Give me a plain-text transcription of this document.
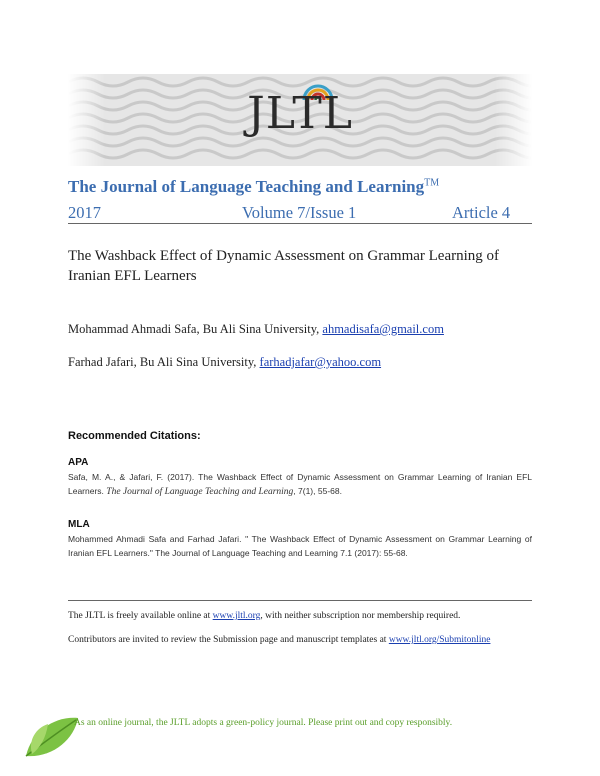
JLTL
The Journal of Language Teaching and Learning™
2017	Volume 7/Issue 1	Article 4
The Washback Effect of Dynamic Assessment on Grammar Learning of Iranian EFL Learners
Mohammad Ahmadi Safa, Bu Ali Sina University, ahmadisafa@gmail.com
Farhad Jafari, Bu Ali Sina University, farhadjafar@yahoo.com
Recommended Citations:
APA
Safa, M. A., & Jafari, F. (2017). The Washback Effect of Dynamic Assessment on Grammar Learning of Iranian EFL Learners. The Journal of Language Teaching and Learning, 7(1), 55-68.
MLA
Mohammed Ahmadi Safa and Farhad Jafari. " The Washback Effect of Dynamic Assessment on Grammar Learning of Iranian EFL Learners." The Journal of Language Teaching and Learning 7.1 (2017): 55-68.
The JLTL is freely available online at www.jltl.org, with neither subscription nor membership required.
Contributors are invited to review the Submission page and manuscript templates at www.jltl.org/Submitonline
As an online journal, the JLTL adopts a green-policy journal. Please print out and copy responsibly.
